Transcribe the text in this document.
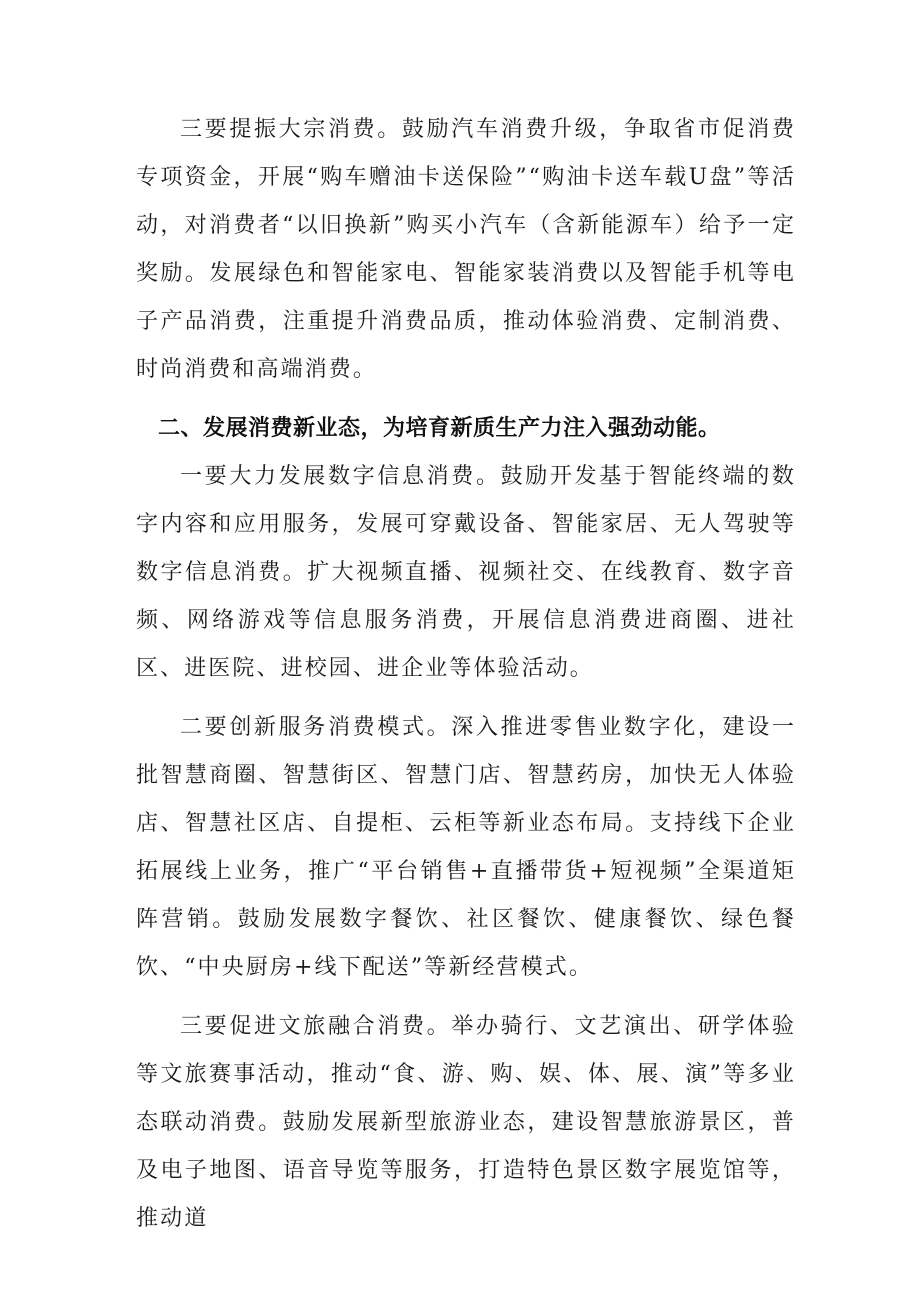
三要提振大宗消费。鼓励汽车消费升级，争取省市促消费专项资金，开展“购车赠油卡送保险”“购油卡送车载U盘”等活动，对消费者“以旧换新”购买小汽车（含新能源车）给予一定奖励。发展绿色和智能家电、智能家装消费以及智能手机等电子产品消费，注重提升消费品质，推动体验消费、定制消费、时尚消费和高端消费。

二、发展消费新业态，为培育新质生产力注入强劲动能。

一要大力发展数字信息消费。鼓励开发基于智能终端的数字内容和应用服务，发展可穿戴设备、智能家居、无人驾驶等数字信息消费。扩大视频直播、视频社交、在线教育、数字音频、网络游戏等信息服务消费，开展信息消费进商圈、进社区、进医院、进校园、进企业等体验活动。

二要创新服务消费模式。深入推进零售业数字化，建设一批智慧商圈、智慧街区、智慧门店、智慧药房，加快无人体验店、智慧社区店、自提柜、云柜等新业态布局。支持线下企业拓展线上业务，推广“平台销售+直播带货+短视频”全渠道矩阵营销。鼓励发展数字餐饮、社区餐饮、健康餐饮、绿色餐饮、“中央厨房+线下配送”等新经营模式。

三要促进文旅融合消费。举办骑行、文艺演出、研学体验等文旅赛事活动，推动“食、游、购、娱、体、展、演”等多业态联动消费。鼓励发展新型旅游业态，建设智慧旅游景区，普及电子地图、语音导览等服务，打造特色景区数字展览馆等，推动道
